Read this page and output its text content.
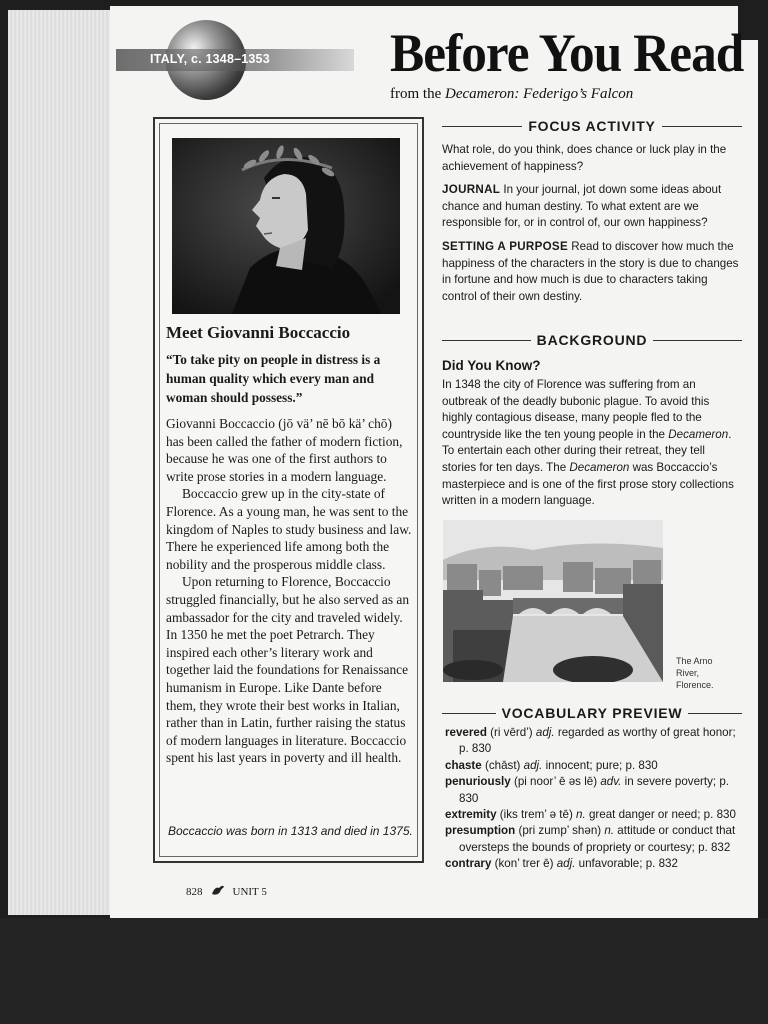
ITALY, c. 1348–1353 Before You Read
from the Decameron: Federigo’s Falcon
Meet Giovanni Boccaccio
“To take pity on people in distress is a human quality which every man and woman should possess.”

Giovanni Boccaccio (jō vä’ nē bō kä’ chō) has been called the father of modern fiction, because he was one of the first authors to write prose stories in a modern language.

Boccaccio grew up in the city-state of Florence. As a young man, he was sent to the kingdom of Naples to study business and law. There he experienced life among both the nobility and the prosperous middle class.

Upon returning to Florence, Boccaccio struggled financially, but he also served as an ambassador for the city and traveled widely. In 1350 he met the poet Petrarch. They inspired each other’s literary work and together laid the foundations for Renaissance humanism in Europe. Like Dante before them, they wrote their best works in Italian, rather than in Latin, further raising the status of modern languages in literature. Boccaccio spent his last years in poverty and ill health.

Boccaccio was born in 1313 and died in 1375.
828	UNIT 5
FOCUS ACTIVITY

What role, do you think, does chance or luck play in the achievement of happiness?

JOURNAL In your journal, jot down some ideas about chance and human destiny. To what extent are we responsible for, or in control of, our own happiness?

SETTING A PURPOSE Read to discover how much the happiness of the characters in the story is due to changes in fortune and how much is due to characters taking control of their own destiny.

BACKGROUND
Did You Know?

In 1348 the city of Florence was suffering from an outbreak of the deadly bubonic plague. To avoid this highly contagious disease, many people fled to the countryside like the ten young people in the Decameron. To entertain each other during their retreat, they tell stories for ten days. The Decameron was Boccaccio’s masterpiece and is one of the first prose story collections written in a modern language.

The Arno River, Florence.
VOCABULARY PREVIEW

revered (ri vērd’) adj. regarded as worthy of great honor; p. 830

chaste (chāst) adj. innocent; pure; p. 830

penuriously (pi noor’ ē əs lē) adv. in severe poverty; p. 830

extremity (iks trem’ ə tē) n. great danger or need; p. 830

presumption (pri zump’ shən) n. attitude or conduct that oversteps the bounds of propriety or courtesy; p. 832

contrary (kon’ trer ē) adj. unfavorable; p. 832
